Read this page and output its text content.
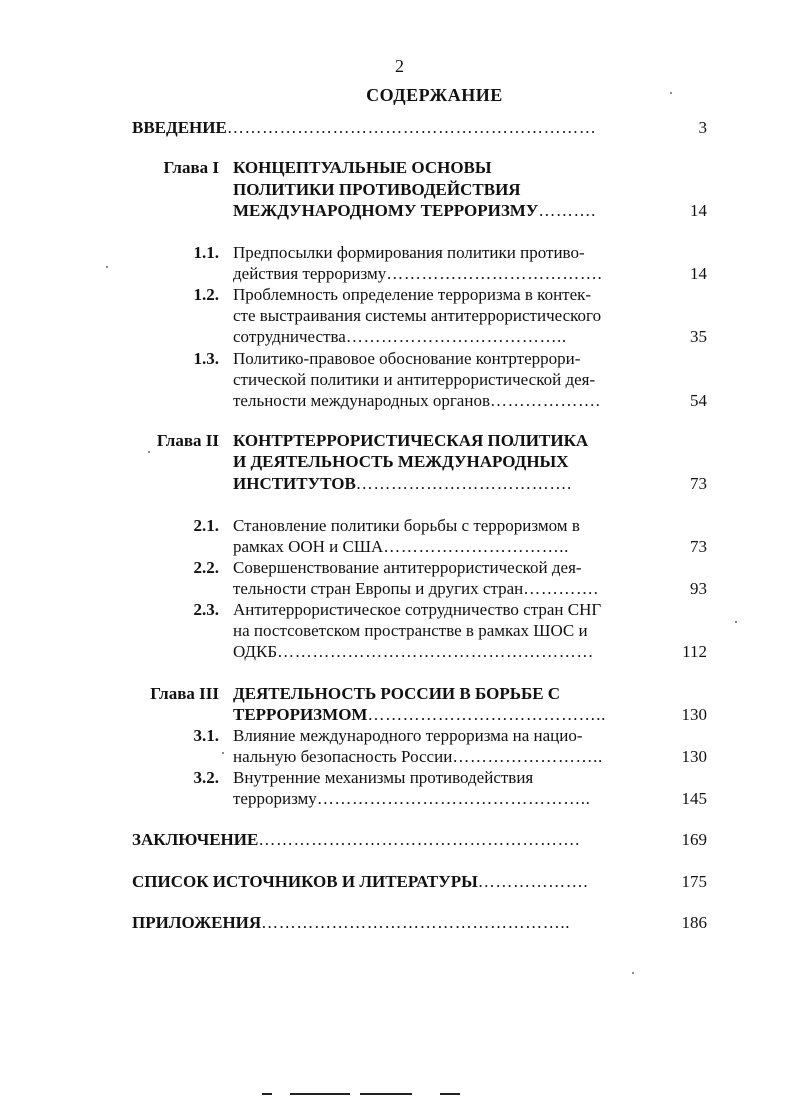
2
СОДЕРЖАНИЕ
ВВЕДЕНИЕ………………………………………………………	3
Глава I КОНЦЕПТУАЛЬНЫЕ ОСНОВЫ
ПОЛИТИКИ ПРОТИВОДЕЙСТВИЯ
МЕЖДУНАРОДНОМУ ТЕРРОРИЗМУ……….	14
1.1. Предпосылки формирования политики противо-
действия терроризму……………………………….	14
1.2. Проблемность определение терроризма в контек-
сте выстраивания системы антитеррористического
сотрудничества………………………………..	35
1.3. Политико-правовое обоснование контртеррори-
стической политики и антитеррористической дея-
тельности международных органов……………….	54
Глава II КОНТРТЕРРОРИСТИЧЕСКАЯ ПОЛИТИКА
И ДЕЯТЕЛЬНОСТЬ МЕЖДУНАРОДНЫХ
ИНСТИТУТОВ……………………………….	73
2.1. Становление политики борьбы с терроризмом в
рамках ООН и США…………………………..	73
2.2. Совершенствование антитеррористической дея-
тельности стран Европы и других стран………….	93
2.3. Антитеррористическое сотрудничество стран СНГ
на постсоветском пространстве в рамках ШОС и
ОДКБ………………………………………………	112
Глава III ДЕЯТЕЛЬНОСТЬ РОССИИ В БОРЬБЕ С
ТЕРРОРИЗМОМ…………………………………..	130
3.1. Влияние международного терроризма на нацио-
нальную безопасность России……………………..	130
3.2. Внутренние механизмы противодействия
терроризму………………………………………..	145
ЗАКЛЮЧЕНИЕ……………………………………………….	169
СПИСОК ИСТОЧНИКОВ И ЛИТЕРАТУРЫ……………….	175
ПРИЛОЖЕНИЯ……………………………………………..	186
